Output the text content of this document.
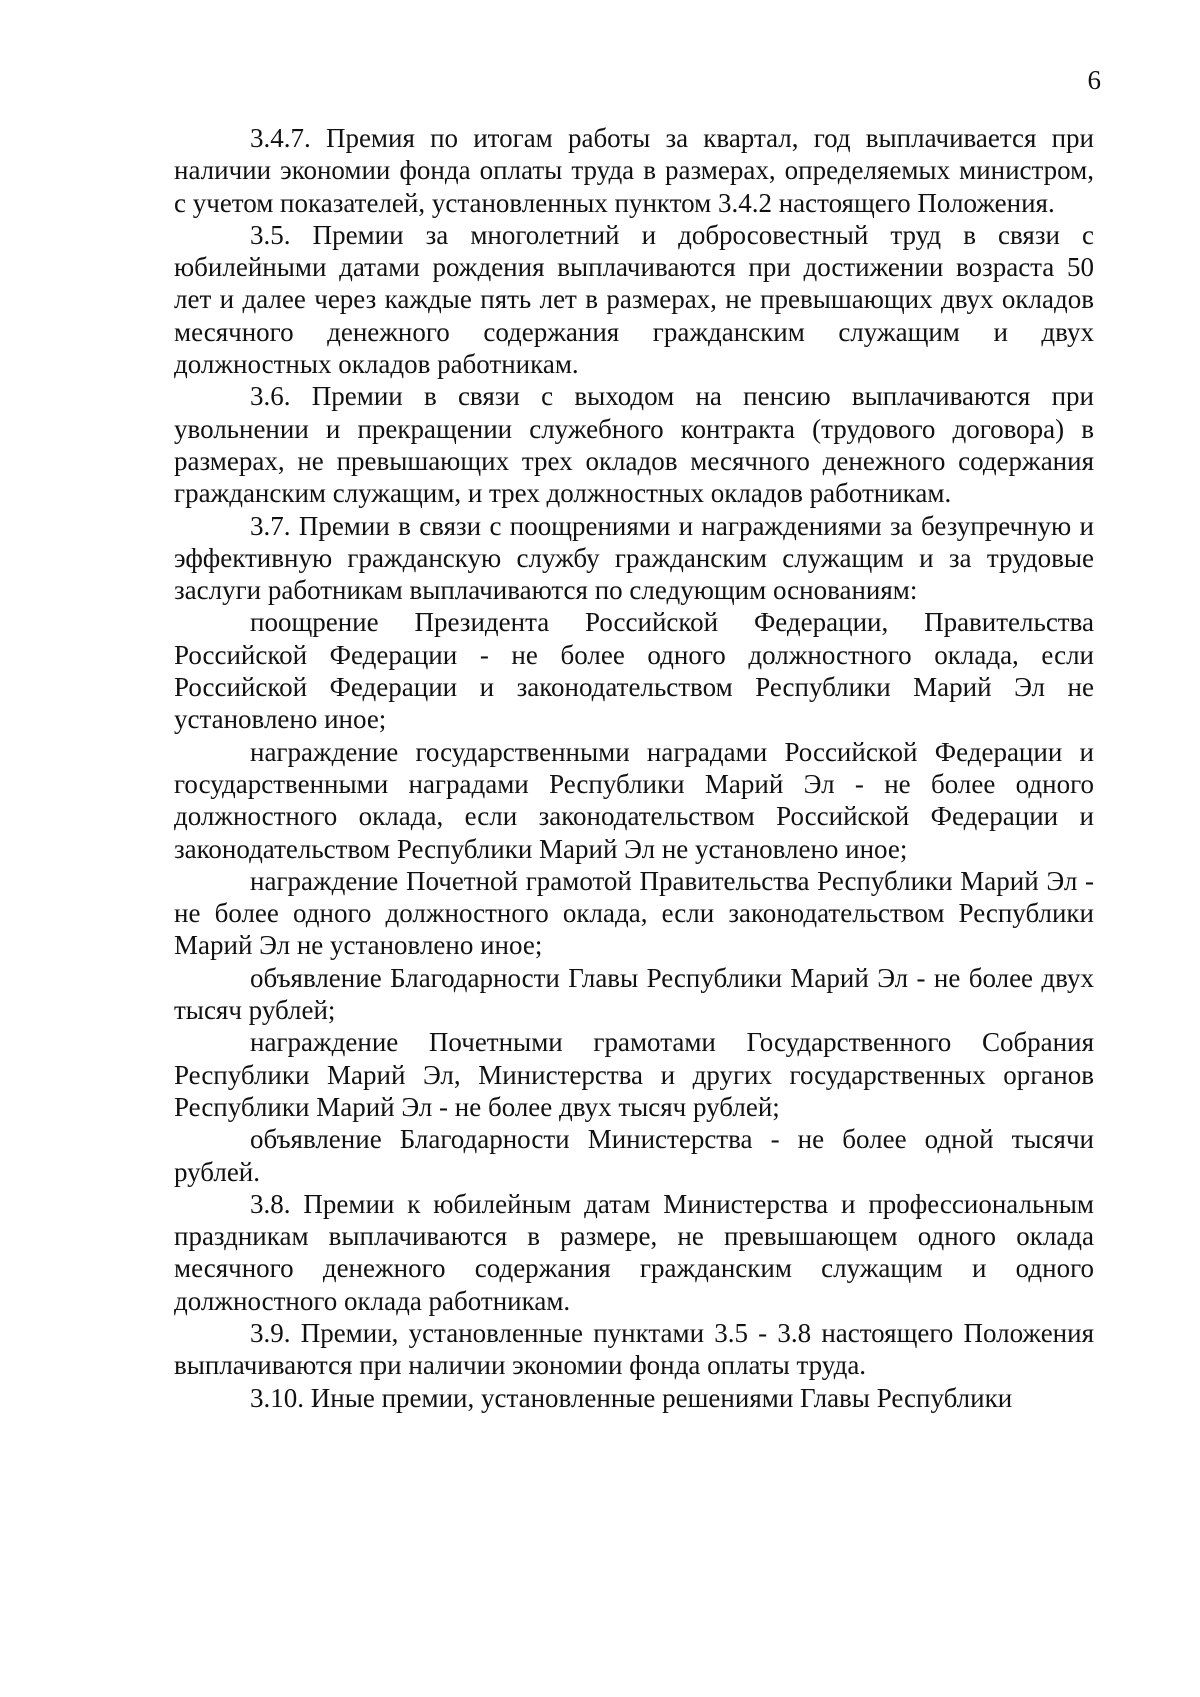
6

3.4.7. Премия по итогам работы за квартал, год выплачивается при наличии экономии фонда оплаты труда в размерах, определяемых министром, с учетом показателей, установленных пунктом 3.4.2 настоящего Положения.

3.5. Премии за многолетний и добросовестный труд в связи с юбилейными датами рождения выплачиваются при достижении возраста 50 лет и далее через каждые пять лет в размерах, не превышающих двух окладов месячного денежного содержания гражданским служащим и двух должностных окладов работникам.

3.6. Премии в связи с выходом на пенсию выплачиваются при увольнении и прекращении служебного контракта (трудового договора) в размерах, не превышающих трех окладов месячного денежного содержания гражданским служащим, и трех должностных окладов работникам.

3.7. Премии в связи с поощрениями и награждениями за безупречную и эффективную гражданскую службу гражданским служащим и за трудовые заслуги работникам выплачиваются по следующим основаниям:

поощрение Президента Российской Федерации, Правительства Российской Федерации - не более одного должностного оклада, если Российской Федерации и законодательством Республики Марий Эл не установлено иное;

награждение государственными наградами Российской Федерации и государственными наградами Республики Марий Эл - не более одного должностного оклада, если законодательством Российской Федерации и законодательством Республики Марий Эл не установлено иное;

награждение Почетной грамотой Правительства Республики Марий Эл - не более одного должностного оклада, если законодательством Республики Марий Эл не установлено иное;

объявление Благодарности Главы Республики Марий Эл - не более двух тысяч рублей;

награждение Почетными грамотами Государственного Собрания Республики Марий Эл, Министерства и других государственных органов Республики Марий Эл - не более двух тысяч рублей;

объявление Благодарности Министерства - не более одной тысячи рублей.

3.8. Премии к юбилейным датам Министерства и профессиональным праздникам выплачиваются в размере, не превышающем одного оклада месячного денежного содержания гражданским служащим и одного должностного оклада работникам.

3.9. Премии, установленные пунктами 3.5 - 3.8 настоящего Положения выплачиваются при наличии экономии фонда оплаты труда.

3.10. Иные премии, установленные решениями Главы Республики
